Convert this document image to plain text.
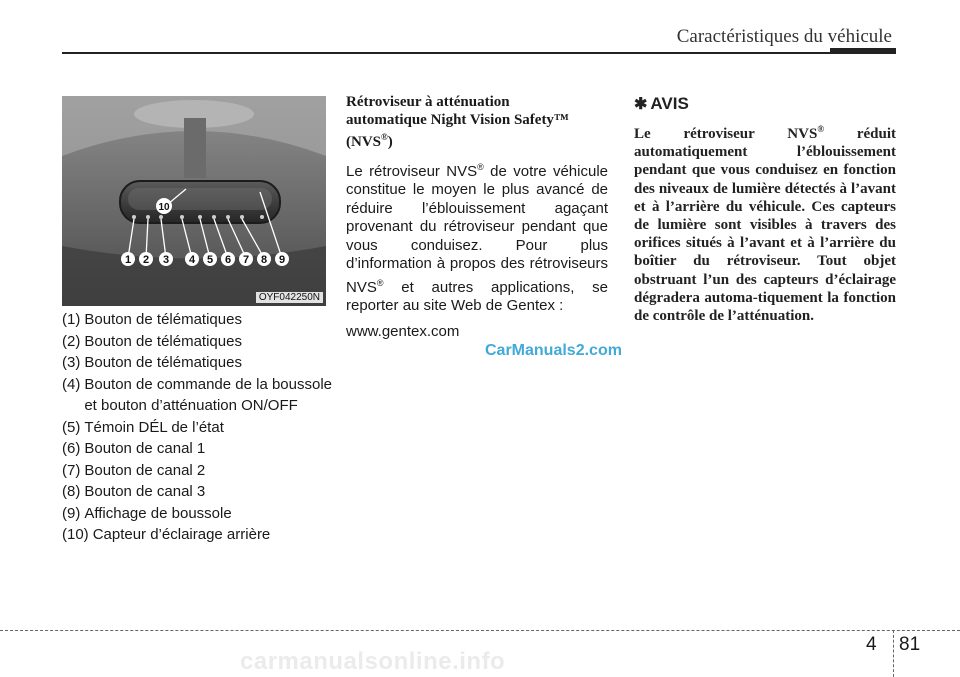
Caractéristiques du véhicule
1 2 3 4 5 6 7 8 9
10
OYF042250N
(1) Bouton de télématiques
(2) Bouton de télématiques
(3) Bouton de télématiques
(4) Bouton de commande de la boussole et bouton d’atténuation ON/OFF
(5) Témoin DÉL de l’état
(6) Bouton de canal 1
(7) Bouton de canal 2
(8) Bouton de canal 3
(9) Affichage de boussole
(10) Capteur d’éclairage arrière
Rétroviseur à atténuation
automatique Night Vision Safety™
(NVS®)

Le rétroviseur NVS® de votre véhicule constitue le moyen le plus avancé de réduire l’éblouissement agaçant provenant du rétroviseur pendant que vous conduisez. Pour plus d’information à propos des rétroviseurs NVS® et autres applications, se reporter au site Web de Gentex :

www.gentex.com
CarManuals2.com
✱ AVIS
Le rétroviseur NVS® réduit automatiquement l’éblouissement pendant que vous conduisez en fonction des niveaux de lumière détectés à l’avant et à l’arrière du véhicule. Ces capteurs de lumière sont visibles à travers des orifices situés à l’avant et à l’arrière du boîtier du rétroviseur. Tout objet obstruant l’un des capteurs d’éclairage dégradera automa-tiquement la fonction de contrôle de l’atténuation.
4 81
carmanualsonline.info
